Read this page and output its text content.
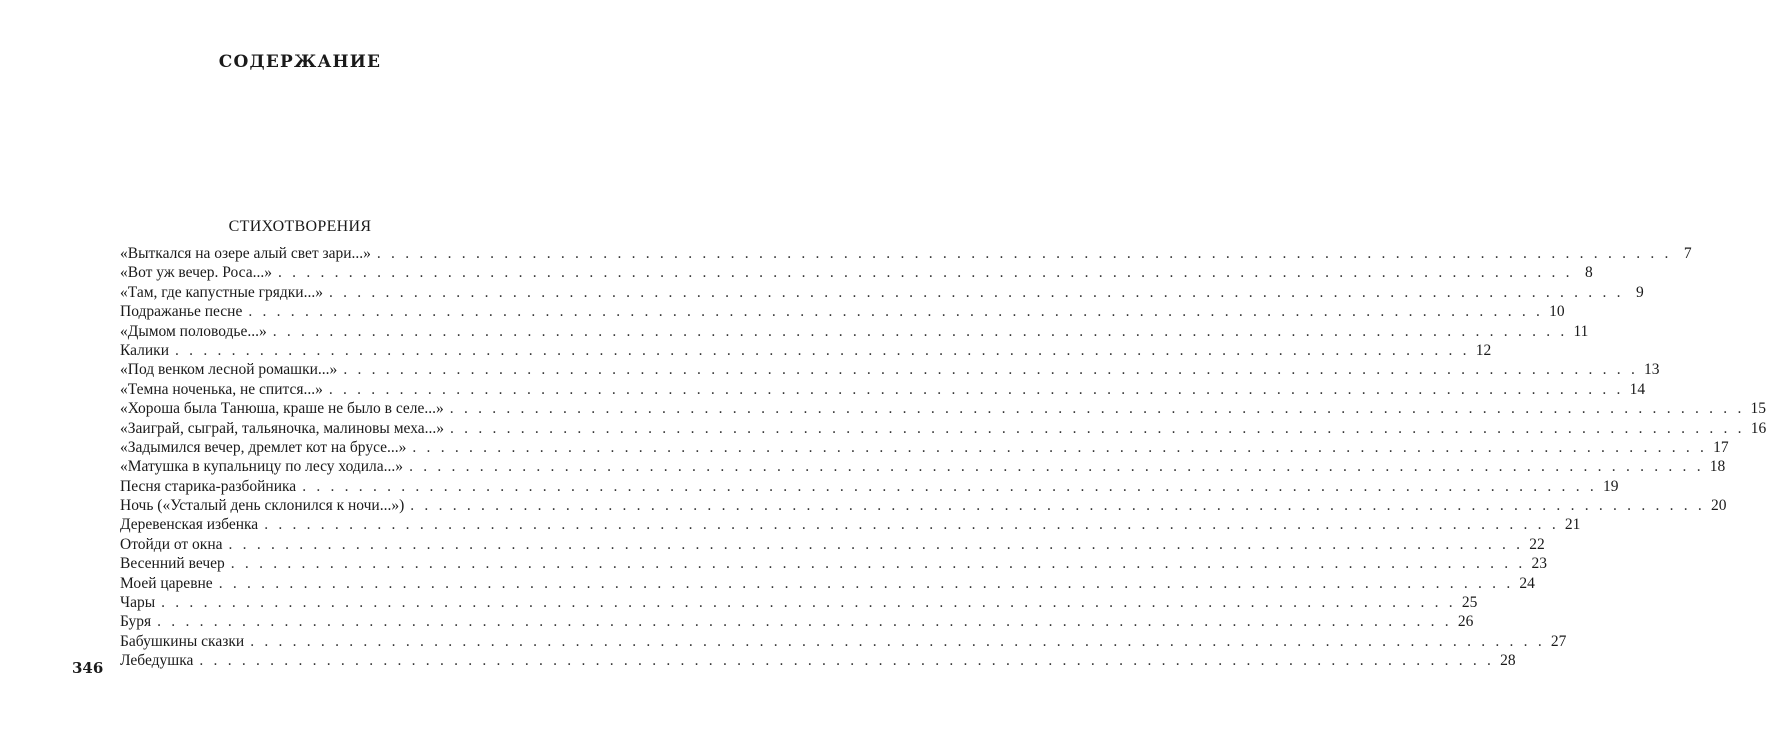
СОДЕРЖАНИЕ
СТИХОТВОРЕНИЯ
«Выткался на озере алый свет зари...» . . . . . . . . . . . . . . . . . . . . . . . . . . . . . . . . . . . . . . . . . . . . . . . . . . . . . . . . . . . . . . . . . . . . . . . . . . . . . . . . . . . . . . . . . . . . 7
«Вот уж вечер. Роса...» . . . . . . . . . . . . . . . . . . . . . . . . . . . . . . . . . . . . . . . . . . . . . . . . . . . . . . . . . . . . . . . . . . . . . . . . . . . . . . . . . . . . . . . . . . . . 8
«Там, где капустные грядки...» . . . . . . . . . . . . . . . . . . . . . . . . . . . . . . . . . . . . . . . . . . . . . . . . . . . . . . . . . . . . . . . . . . . . . . . . . . . . . . . . . . . . . . . . . . . . 9
Подражанье песне . . . . . . . . . . . . . . . . . . . . . . . . . . . . . . . . . . . . . . . . . . . . . . . . . . . . . . . . . . . . . . . . . . . . . . . . . . . . . . . . . . . . . . . . . . . . 10
«Дымом половодье...» . . . . . . . . . . . . . . . . . . . . . . . . . . . . . . . . . . . . . . . . . . . . . . . . . . . . . . . . . . . . . . . . . . . . . . . . . . . . . . . . . . . . . . . . . . . . 11
Калики . . . . . . . . . . . . . . . . . . . . . . . . . . . . . . . . . . . . . . . . . . . . . . . . . . . . . . . . . . . . . . . . . . . . . . . . . . . . . . . . . . . . . . . . . . . . 12
«Под венком лесной ромашки...» . . . . . . . . . . . . . . . . . . . . . . . . . . . . . . . . . . . . . . . . . . . . . . . . . . . . . . . . . . . . . . . . . . . . . . . . . . . . . . . . . . . . . . . . . . . . 13
«Темна ноченька, не спится...» . . . . . . . . . . . . . . . . . . . . . . . . . . . . . . . . . . . . . . . . . . . . . . . . . . . . . . . . . . . . . . . . . . . . . . . . . . . . . . . . . . . . . . . . . . . . 14
«Хороша была Танюша, краше не было в селе...» . . . . . . . . . . . . . . . . . . . . . . . . . . . . . . . . . . . . . . . . . . . . . . . . . . . . . . . . . . . . . . . . . . . . . . . . . . . . . . . . . . . . . . . . . . . . 15
«Заиграй, сыграй, тальяночка, малиновы меха...» . . . . . . . . . . . . . . . . . . . . . . . . . . . . . . . . . . . . . . . . . . . . . . . . . . . . . . . . . . . . . . . . . . . . . . . . . . . . . . . . . . . . . . . . . . . . 16
«Задымился вечер, дремлет кот на брусе...» . . . . . . . . . . . . . . . . . . . . . . . . . . . . . . . . . . . . . . . . . . . . . . . . . . . . . . . . . . . . . . . . . . . . . . . . . . . . . . . . . . . . . . . . . . . . 17
«Матушка в купальницу по лесу ходила...» . . . . . . . . . . . . . . . . . . . . . . . . . . . . . . . . . . . . . . . . . . . . . . . . . . . . . . . . . . . . . . . . . . . . . . . . . . . . . . . . . . . . . . . . . . . . 18
Песня старика-разбойника . . . . . . . . . . . . . . . . . . . . . . . . . . . . . . . . . . . . . . . . . . . . . . . . . . . . . . . . . . . . . . . . . . . . . . . . . . . . . . . . . . . . . . . . . . . . 19
Ночь («Усталый день склонился к ночи...») . . . . . . . . . . . . . . . . . . . . . . . . . . . . . . . . . . . . . . . . . . . . . . . . . . . . . . . . . . . . . . . . . . . . . . . . . . . . . . . . . . . . . . . . . . . . 20
Деревенская избенка . . . . . . . . . . . . . . . . . . . . . . . . . . . . . . . . . . . . . . . . . . . . . . . . . . . . . . . . . . . . . . . . . . . . . . . . . . . . . . . . . . . . . . . . . . . . 21
Отойди от окна . . . . . . . . . . . . . . . . . . . . . . . . . . . . . . . . . . . . . . . . . . . . . . . . . . . . . . . . . . . . . . . . . . . . . . . . . . . . . . . . . . . . . . . . . . . . 22
Весенний вечер . . . . . . . . . . . . . . . . . . . . . . . . . . . . . . . . . . . . . . . . . . . . . . . . . . . . . . . . . . . . . . . . . . . . . . . . . . . . . . . . . . . . . . . . . . . . 23
Моей царевне . . . . . . . . . . . . . . . . . . . . . . . . . . . . . . . . . . . . . . . . . . . . . . . . . . . . . . . . . . . . . . . . . . . . . . . . . . . . . . . . . . . . . . . . . . . . 24
Чары . . . . . . . . . . . . . . . . . . . . . . . . . . . . . . . . . . . . . . . . . . . . . . . . . . . . . . . . . . . . . . . . . . . . . . . . . . . . . . . . . . . . . . . . . . . . 25
Буря . . . . . . . . . . . . . . . . . . . . . . . . . . . . . . . . . . . . . . . . . . . . . . . . . . . . . . . . . . . . . . . . . . . . . . . . . . . . . . . . . . . . . . . . . . . . 26
Бабушкины сказки . . . . . . . . . . . . . . . . . . . . . . . . . . . . . . . . . . . . . . . . . . . . . . . . . . . . . . . . . . . . . . . . . . . . . . . . . . . . . . . . . . . . . . . . . . . . 27
Лебедушка . . . . . . . . . . . . . . . . . . . . . . . . . . . . . . . . . . . . . . . . . . . . . . . . . . . . . . . . . . . . . . . . . . . . . . . . . . . . . . . . . . . . . . . . . . . . 28
346
